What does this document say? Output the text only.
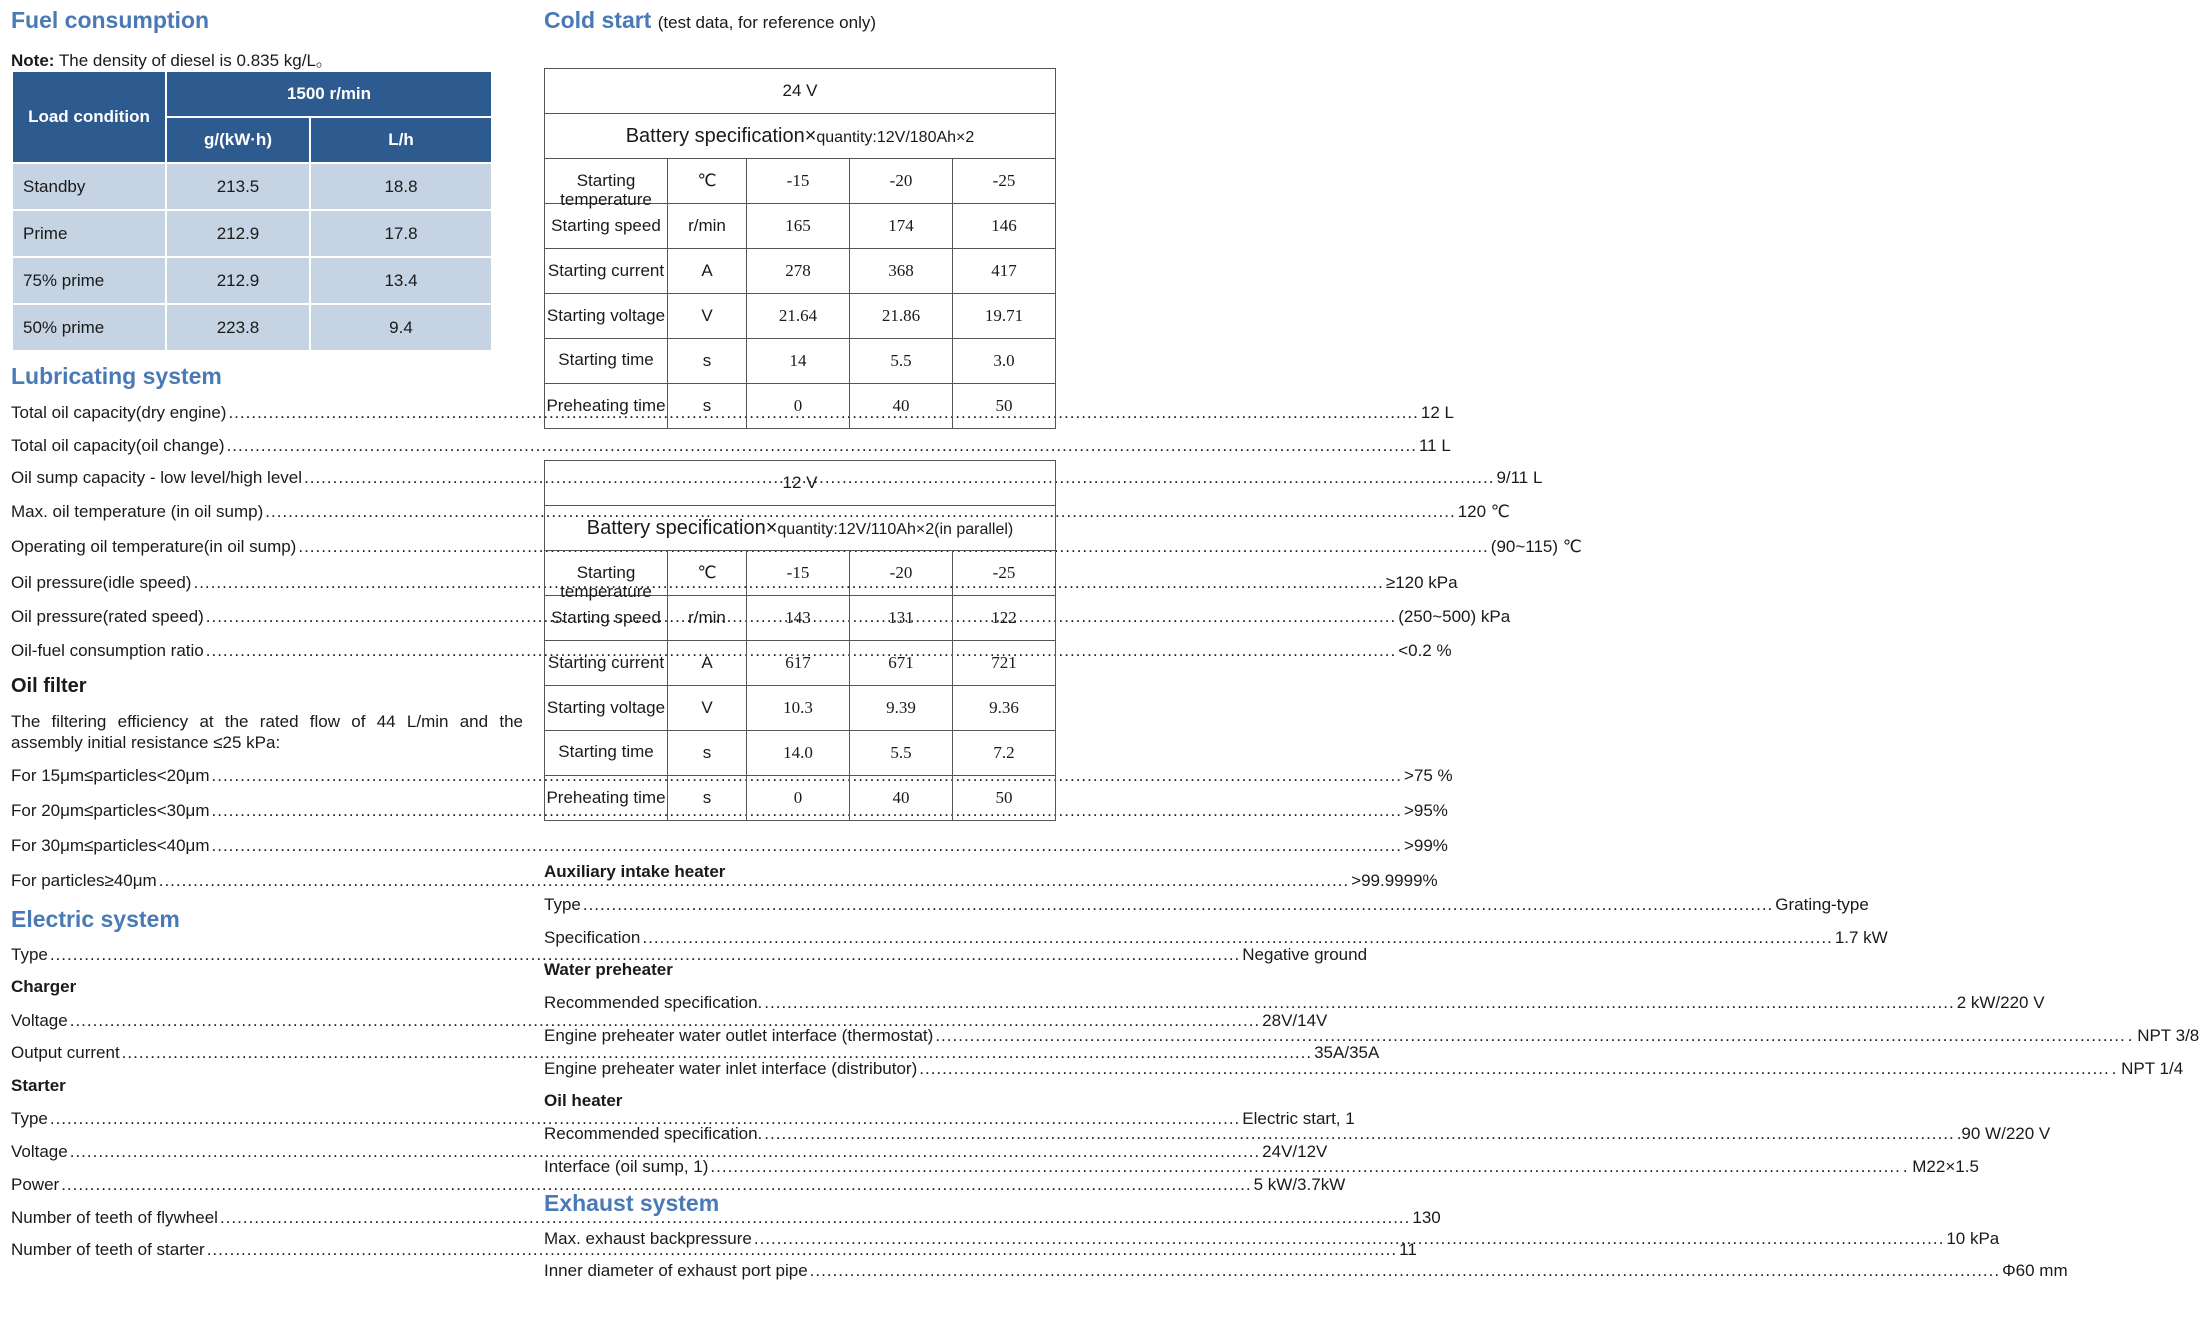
Fuel consumption

Note: The density of diesel is 0.835 kg/L。
Load condition	1500 r/min	
	g/(kW·h)	L/h
Standby	213.5	18.8
Prime	212.9	17.8
75% prime	212.9	13.4
50% prime	223.8	9.4

Lubricating system

Total oil capacity(dry engine) .....	12 L
Total oil capacity(oil change) .....	11 L
Oil sump capacity - low level/high level .....	9/11 L
Max. oil temperature (in oil sump) .....	120 ℃
Operating oil temperature(in oil sump) .....	(90~115) ℃
Oil pressure(idle speed) .....	≥120 kPa
Oil pressure(rated speed) .....	(250~500) kPa
Oil-fuel consumption ratio .....	<0.2 %

Oil filter

The filtering efficiency at the rated flow of 44 L/min and the assembly initial resistance ≤25 kPa:
For 15μm≤particles<20μm .....	>75 %
For 20μm≤particles<30μm .....	>95%
For 30μm≤particles<40μm .....	>99%
For particles≥40μm .....	>99.9999%

Electric system

Type .....	Negative ground

Charger

Voltage .....	28V/14V
Output current .....	35A/35A

Starter

Type .....	Electric start, 1
Voltage .....	24V/12V
Power .....	5 kW/3.7kW
Number of teeth of flywheel .....	130
Number of teeth of starter .....	11

Cold start (test data, for reference only)

24 V				
Battery specification×quantity:12V/180Ah×2				

Starting temperature	℃	-15	-20	-25

Starting speed	r/min	165	174	146

Starting current	A	278	368	417

Starting voltage	V	21.64	21.86	19.71

Starting time	s	14	5.5	3.0

Preheating time	s	0	40	50
12 V				
Battery specification×quantity:12V/110Ah×2(in parallel)				

Starting temperature	℃	-15	-20	-25

Starting speed	r/min	143	131	122

Starting current	A	617	671	721

Starting voltage	V	10.3	9.39	9.36

Starting time	s	14.0	5.5	7.2

Preheating time	s	0	40	50

Auxiliary intake heater

Type .....	Grating-type
Specification .....	1.7 kW

Water preheater

Recommended specification. .....	2 kW/220 V
Engine preheater water outlet interface (thermostat) .....	. NPT 3/8
Engine preheater water inlet interface (distributor) .....	. NPT 1/4

Oil heater

Recommended specification. .....	.90 W/220 V
Interface (oil sump, 1) .....	. M22×1.5

Exhaust system

Max. exhaust backpressure .....	10 kPa
Inner diameter of exhaust port pipe .....	Φ60 mm
